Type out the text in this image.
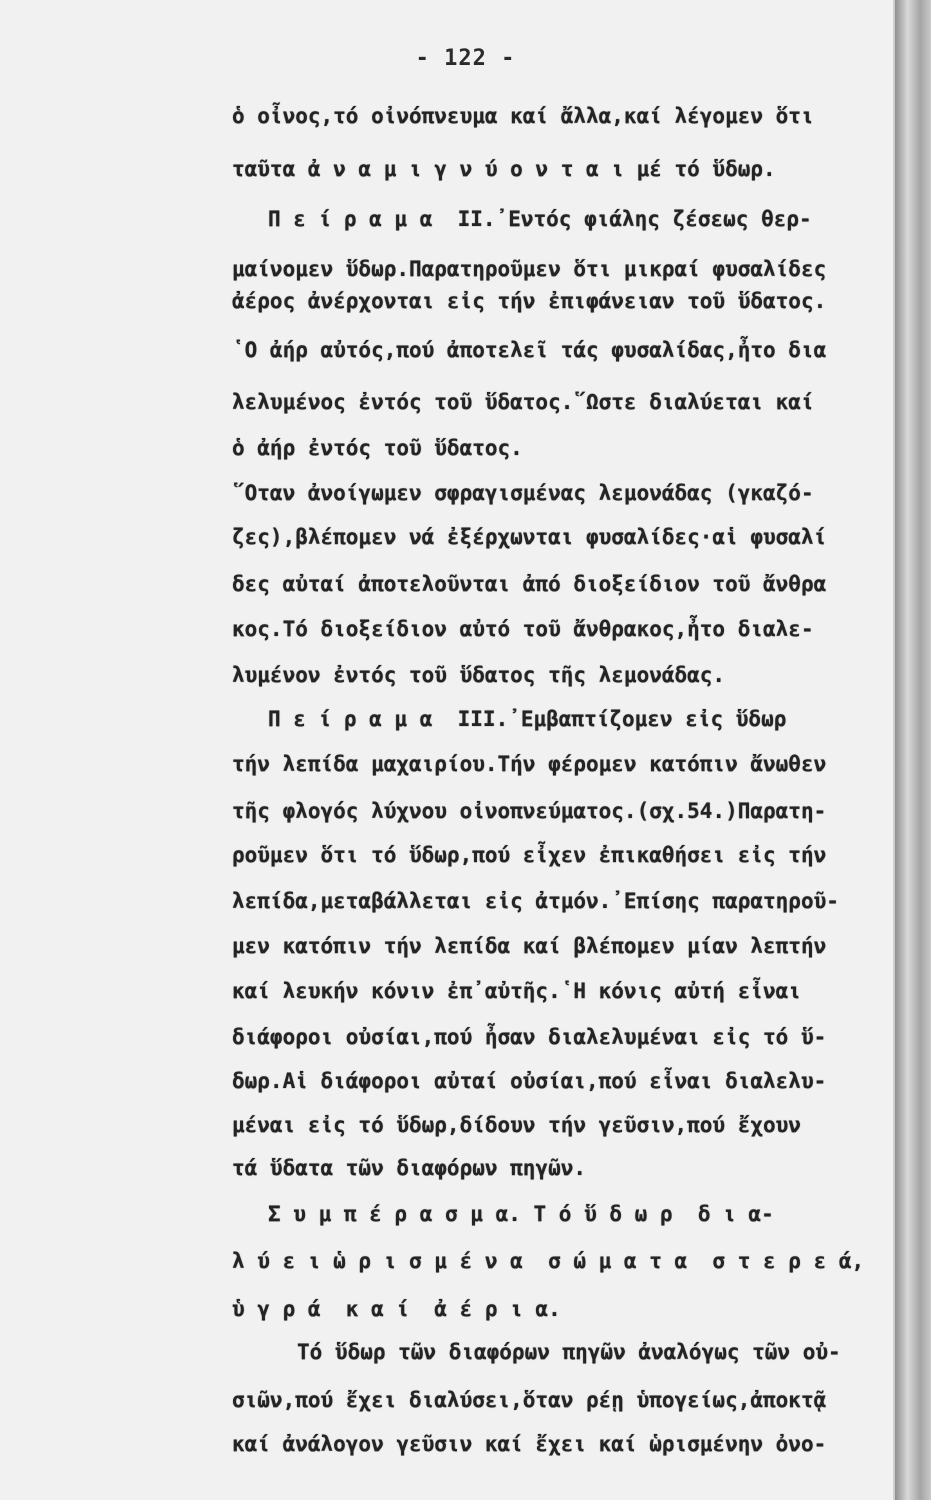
- 122 -
ὁ οἶνος,τό οἰνόπνευμα καί ἄλλα,καί λέγομεν ὅτι
ταῦτα ἀ ν α μ ι γ ν ύ ο ν τ α ι μέ τό ὕδωρ.
Π ε ί ρ α μ α  II.᾽Εντός φιάλης ζέσεως θερ-
μαίνομεν ὕδωρ.Παρατηροῦμεν ὅτι μικραί φυσαλίδες
ἀέρος ἀνέρχονται εἰς τήν ἐπιφάνειαν τοῦ ὕδατος.
῾Ο ἀήρ αὐτός,πού ἀποτελεῖ τάς φυσαλίδας,ἦτο δια
λελυμένος ἐντός τοῦ ὕδατος.῞Ωστε διαλύεται καί
ὁ ἀήρ ἐντός τοῦ ὕδατος.
῞Οταν ἀνοίγωμεν σφραγισμένας λεμονάδας (γκαζό-
ζες),βλέπομεν νά ἐξέρχωνται φυσαλίδες·αἱ φυσαλί
δες αὐταί ἀποτελοῦνται ἀπό διοξείδιον τοῦ ἄνθρα
κος.Τό διοξείδιον αὐτό τοῦ ἄνθρακος,ἦτο διαλε-
λυμένον ἐντός τοῦ ὕδατος τῆς λεμονάδας.
Π ε ί ρ α μ α  III.᾽Εμβαπτίζομεν εἰς ὕδωρ
τήν λεπίδα μαχαιρίου.Τήν φέρομεν κατόπιν ἄνωθεν
τῆς φλογός λύχνου οἰνοπνεύματος.(σχ.54.)Παρατη-
ροῦμεν ὅτι τό ὕδωρ,πού εἶχεν ἐπικαθήσει εἰς τήν
λεπίδα,μεταβάλλεται εἰς ἀτμόν.᾽Επίσης παρατηροῦ-
μεν κατόπιν τήν λεπίδα καί βλέπομεν μίαν λεπτήν
καί λευκήν κόνιν ἐπ᾽αὐτῆς.῾Η κόνις αὐτή εἶναι
διάφοροι οὐσίαι,πού ἦσαν διαλελυμέναι εἰς τό ὕ-
δωρ.Αἱ διάφοροι αὐταί οὐσίαι,πού εἶναι διαλελυ-
μέναι εἰς τό ὕδωρ,δίδουν τήν γεῦσιν,πού ἔχουν
τά ὕδατα τῶν διαφόρων πηγῶν.
Σ υ μ π έ ρ α σ μ α. Τ ό ὕ δ ω ρ  δ ι α-
λ ύ ε ι ὡ ρ ι σ μ έ ν α  σ ώ μ α τ α  σ τ ε ρ ε ά,
ὑ γ ρ ά  κ α ί  ἀ έ ρ ι α.
Τό ὕδωρ τῶν διαφόρων πηγῶν ἀναλόγως τῶν οὐ-
σιῶν,πού ἔχει διαλύσει,ὅταν ρέῃ ὑπογείως,ἀποκτᾷ
καί ἀνάλογον γεῦσιν καί ἔχει καί ὡρισμένην ὀνο-
